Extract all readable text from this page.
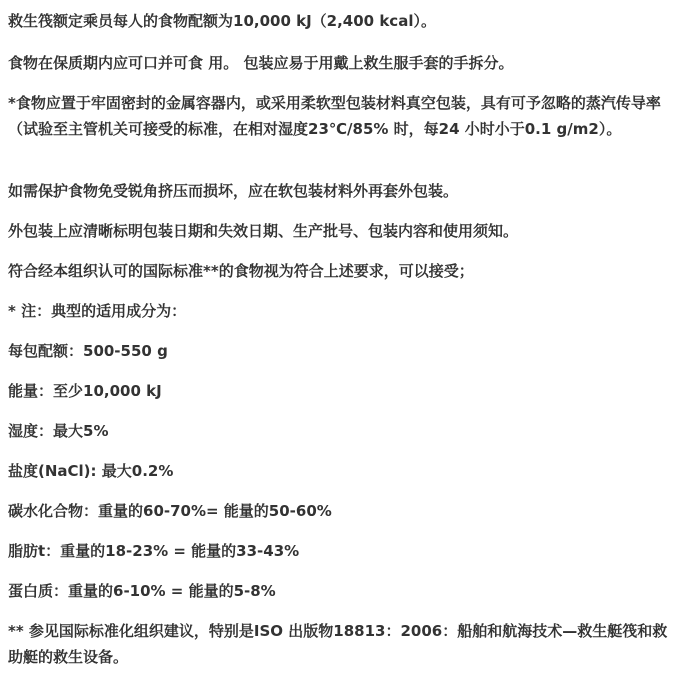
救生筏额定乘员每人的食物配额为10,000 kJ（2,400 kcal）。

食物在保质期内应可口并可食 用。 包装应易于用戴上救生服手套的手拆分。

*食物应置于牢固密封的金属容器内，或采用柔软型包装材料真空包装，具有可予忽略的蒸汽传导率（试验至主管机关可接受的标准，在相对湿度23℃/85% 时，每24 小时小于0.1 g/m2）。

如需保护食物免受锐角挤压而损坏，应在软包装材料外再套外包装。

外包装上应清晰标明包装日期和失效日期、生产批号、包装内容和使用须知。

符合经本组织认可的国际标准**的食物视为符合上述要求，可以接受；

* 注：典型的适用成分为：

每包配额：500-550 g

能量：至少10,000 kJ

湿度：最大5%

盐度(NaCl): 最大0.2%

碳水化合物：重量的60-70%= 能量的50-60%

脂肪t：重量的18-23% = 能量的33-43%

蛋白质：重量的6-10% = 能量的5-8%

** 参见国际标准化组织建议，特别是ISO 出版物18813：2006：船舶和航海技术—救生艇筏和救助艇的救生设备。
